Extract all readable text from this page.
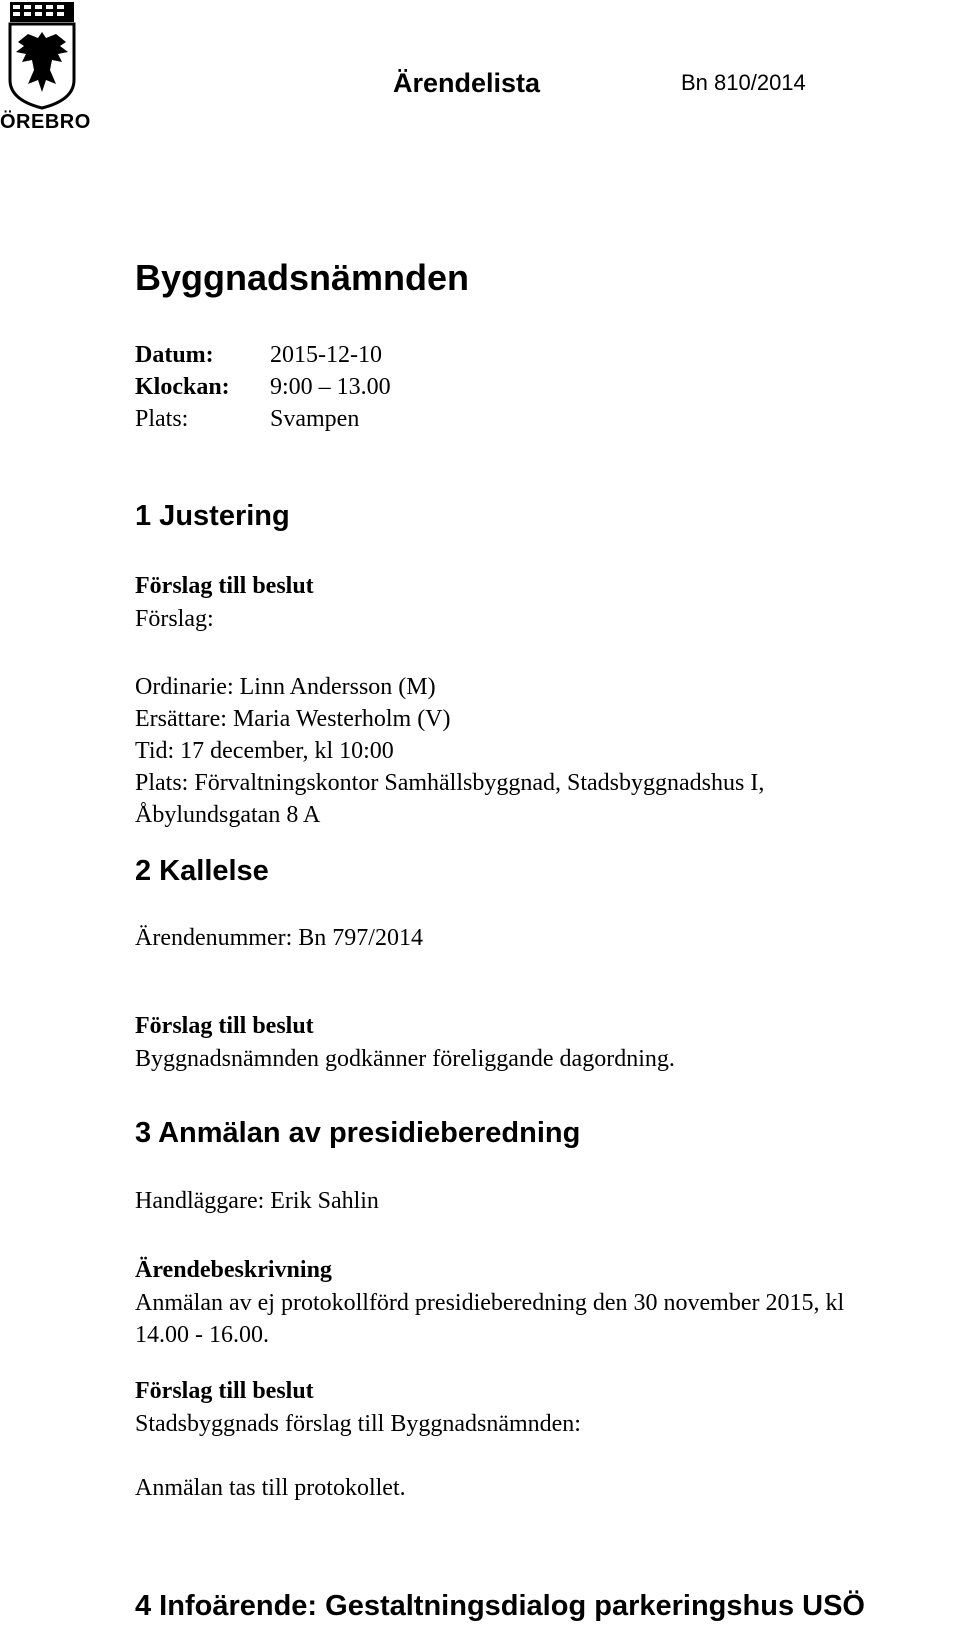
ÖREBRO
Ärendelista	Bn 810/2014
Byggnadsnämnden
Datum: 2015-12-10
Klockan: 9:00 – 13.00
Plats:	Svampen
1 Justering
Förslag till beslut
Förslag:
Ordinarie: Linn Andersson (M)
Ersättare: Maria Westerholm (V)
Tid: 17 december, kl 10:00
Plats: Förvaltningskontor Samhällsbyggnad, Stadsbyggnadshus I,
Åbylundsgatan 8 A
2 Kallelse
Ärendenummer: Bn 797/2014
Förslag till beslut
Byggnadsnämnden godkänner föreliggande dagordning.
3 Anmälan av presidieberedning
Handläggare: Erik Sahlin
Ärendebeskrivning
Anmälan av ej protokollförd presidieberedning den 30 november 2015, kl
14.00 - 16.00.
Förslag till beslut
Stadsbyggnads förslag till Byggnadsnämnden:
Anmälan tas till protokollet.
4 Infoärende: Gestaltningsdialog parkeringshus USÖ
